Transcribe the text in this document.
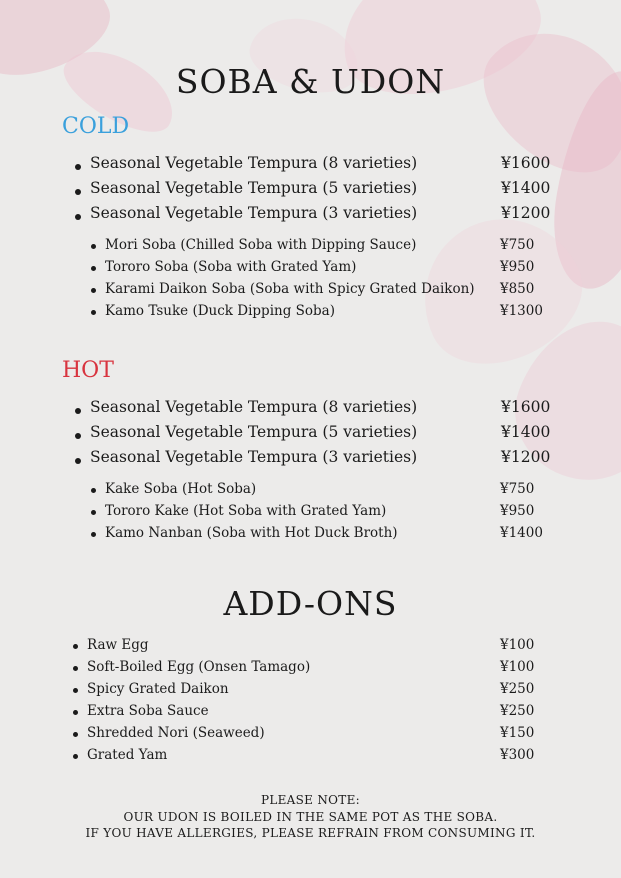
SOBA & UDON
COLD
Seasonal Vegetable Tempura (8 varieties)	¥1600
Seasonal Vegetable Tempura (5 varieties)	¥1400
Seasonal Vegetable Tempura (3 varieties)	¥1200
Mori Soba (Chilled Soba with Dipping Sauce)	¥750
Tororo Soba (Soba with Grated Yam)	¥950
Karami Daikon Soba (Soba with Spicy Grated Daikon) ¥850
Kamo Tsuke (Duck Dipping Soba)	¥1300
HOT
Seasonal Vegetable Tempura (8 varieties)	¥1600
Seasonal Vegetable Tempura (5 varieties)	¥1400
Seasonal Vegetable Tempura (3 varieties)	¥1200
Kake Soba (Hot Soba)	¥750
Tororo Kake (Hot Soba with Grated Yam)	¥950
Kamo Nanban (Soba with Hot Duck Broth)	¥1400
ADD-ONS
Raw Egg	¥100
Soft-Boiled Egg (Onsen Tamago)	¥100
Spicy Grated Daikon	¥250
Extra Soba Sauce	¥250
Shredded Nori (Seaweed)	¥150
Grated Yam	¥300
PLEASE NOTE:
OUR UDON IS BOILED IN THE SAME POT AS THE SOBA.
IF YOU HAVE ALLERGIES, PLEASE REFRAIN FROM CONSUMING IT.
